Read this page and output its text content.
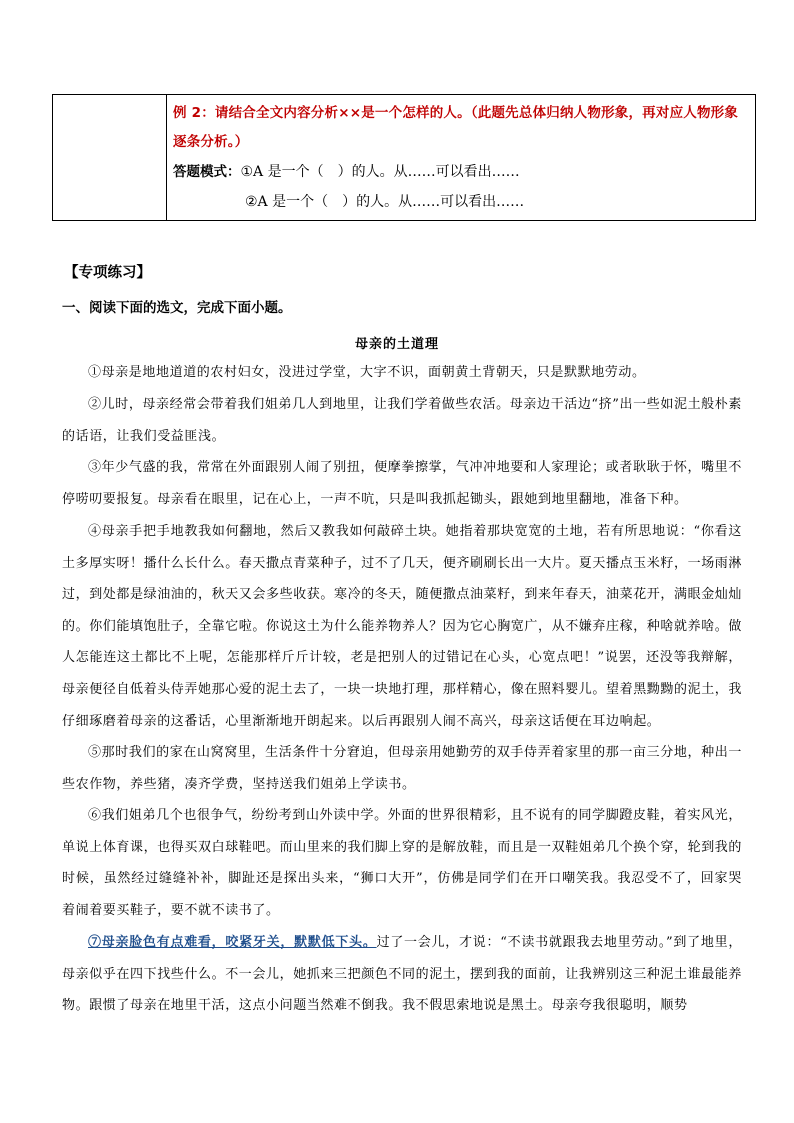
例 2：请结合全文内容分析××是一个怎样的人。（此题先总体归纳人物形象，再对应人物形象逐条分析。）
答题模式：①A 是一个（　）的人。从……可以看出……
②A 是一个（　）的人。从……可以看出……
【专项练习】
一、阅读下面的选文，完成下面小题。
母亲的土道理
①母亲是地地道道的农村妇女，没进过学堂，大字不识，面朝黄土背朝天，只是默默地劳动。
②儿时，母亲经常会带着我们姐弟几人到地里，让我们学着做些农活。母亲边干活边“挤”出一些如泥土般朴素的话语，让我们受益匪浅。
③年少气盛的我，常常在外面跟别人闹了别扭，便摩拳擦掌，气冲冲地要和人家理论；或者耿耿于怀，嘴里不停唠叨要报复。母亲看在眼里，记在心上，一声不吭，只是叫我抓起锄头，跟她到地里翻地，准备下种。
④母亲手把手地教我如何翻地，然后又教我如何敲碎土块。她指着那块宽宽的土地，若有所思地说：“你看这土多厚实呀！播什么长什么。春天撒点青菜种子，过不了几天，便齐刷刷长出一大片。夏天播点玉米籽，一场雨淋过，到处都是绿油油的，秋天又会多些收获。寒冷的冬天，随便撒点油菜籽，到来年春天，油菜花开，满眼金灿灿的。你们能填饱肚子，全靠它啦。你说这土为什么能养物养人？因为它心胸宽广，从不嫌弃庄稼，种啥就养啥。做人怎能连这土都比不上呢，怎能那样斤斤计较，老是把别人的过错记在心头，心宽点吧！”说罢，还没等我辩解，母亲便径自低着头侍弄她那心爱的泥土去了，一块一块地打理，那样精心，像在照料婴儿。望着黑黝黝的泥土，我仔细琢磨着母亲的这番话，心里渐渐地开朗起来。以后再跟别人闹不高兴，母亲这话便在耳边响起。
⑤那时我们的家在山窝窝里，生活条件十分窘迫，但母亲用她勤劳的双手侍弄着家里的那一亩三分地，种出一些农作物，养些猪，凑齐学费，坚持送我们姐弟上学读书。
⑥我们姐弟几个也很争气，纷纷考到山外读中学。外面的世界很精彩，且不说有的同学脚蹬皮鞋，着实风光，单说上体育课，也得买双白球鞋吧。而山里来的我们脚上穿的是解放鞋，而且是一双鞋姐弟几个换个穿，轮到我的时候，虽然经过缝缝补补，脚趾还是探出头来，“狮口大开”，仿佛是同学们在开口嘲笑我。我忍受不了，回家哭着闹着要买鞋子，要不就不读书了。
⑦母亲脸色有点难看，咬紧牙关，默默低下头。过了一会儿，才说：“不读书就跟我去地里劳动。”到了地里，母亲似乎在四下找些什么。不一会儿，她抓来三把颜色不同的泥土，摆到我的面前，让我辨别这三种泥土谁最能养物。跟惯了母亲在地里干活，这点小问题当然难不倒我。我不假思索地说是黑土。母亲夸我很聪明，顺势
